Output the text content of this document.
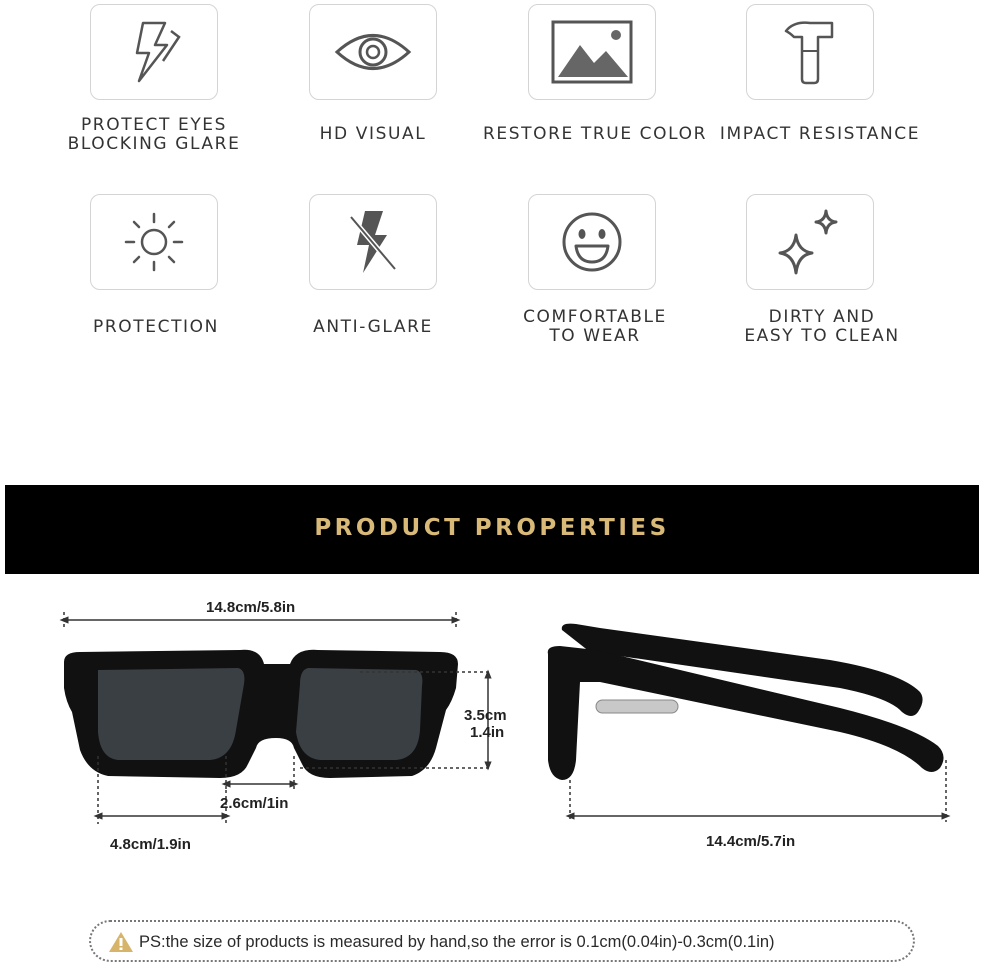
PROTECT EYES
BLOCKING GLARE	HD VISUAL	RESTORE TRUE COLOR IMPACT RESISTANCE
PROTECTION	ANTI-GLARE	COMFORTABLE
TO WEAR
DIRTY AND
EASY TO CLEAN
PRODUCT PROPERTIES
14.8cm/5.8in
3.5cm
1.4in
2.6cm/1in
4.8cm/1.9in	14.4cm/5.7in
PS:the size of products is measured by hand,so the error is 0.1cm(0.04in)-0.3cm(0.1in)
